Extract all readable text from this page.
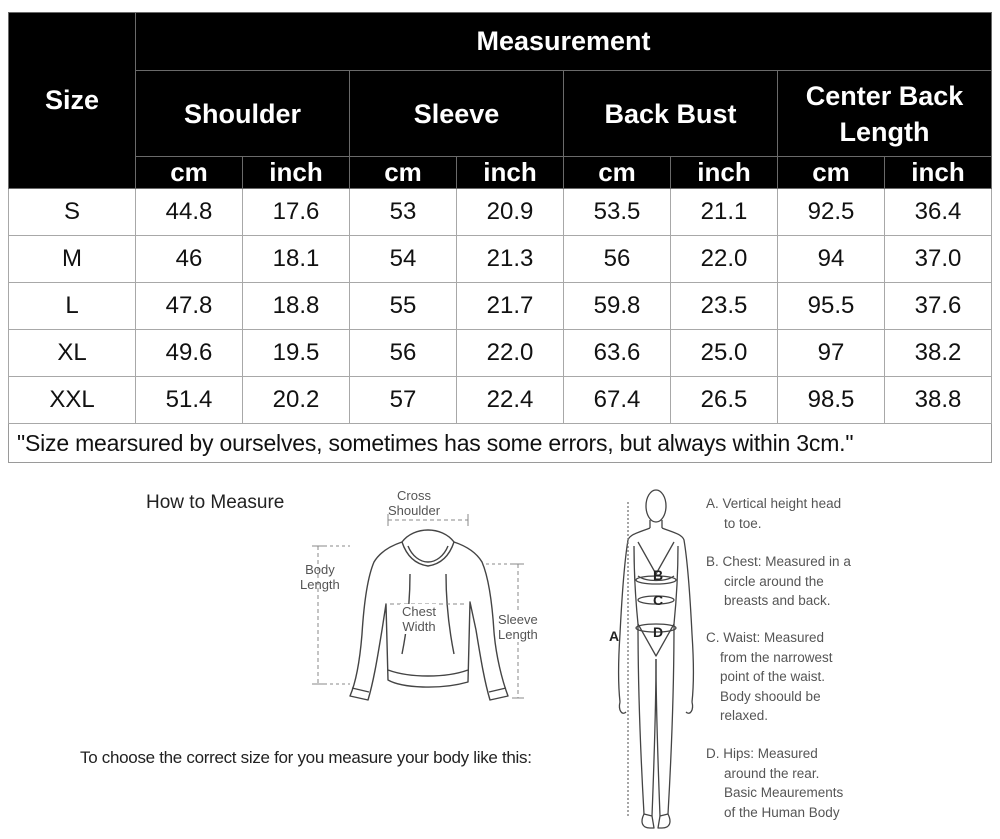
Size	Measurement							
	Shoulder		Sleeve		Back Bust		Center Back Length	
	cm	inch	cm	inch	cm	inch	cm	inch
S	44.8	17.6	53	20.9	53.5	21.1	92.5	36.4
M	46	18.1	54	21.3	56	22.0	94	37.0
L	47.8	18.8	55	21.7	59.8	23.5	95.5	37.6
XL	49.6	19.5	56	22.0	63.6	25.0	97	38.2
XXL	51.4	20.2	57	22.4	67.4	26.5	98.5	38.8
"Size mearsured by ourselves, sometimes has some errors, but always within 3cm."								
How to Measure
To choose the correct size for you measure your body like this:
Cross
Shoulder
Body
Length
Chest
Width	Sleeve
Length	A
B
C
D
A. Vertical height head
to toe.
B. Chest: Measured in a
circle around the
breasts and back.
C. Waist: Measured
from the narrowest
point of the waist.
Body shoould be
relaxed.
D. Hips: Measured
around the rear.
Basic Meaurements
of the Human Body
